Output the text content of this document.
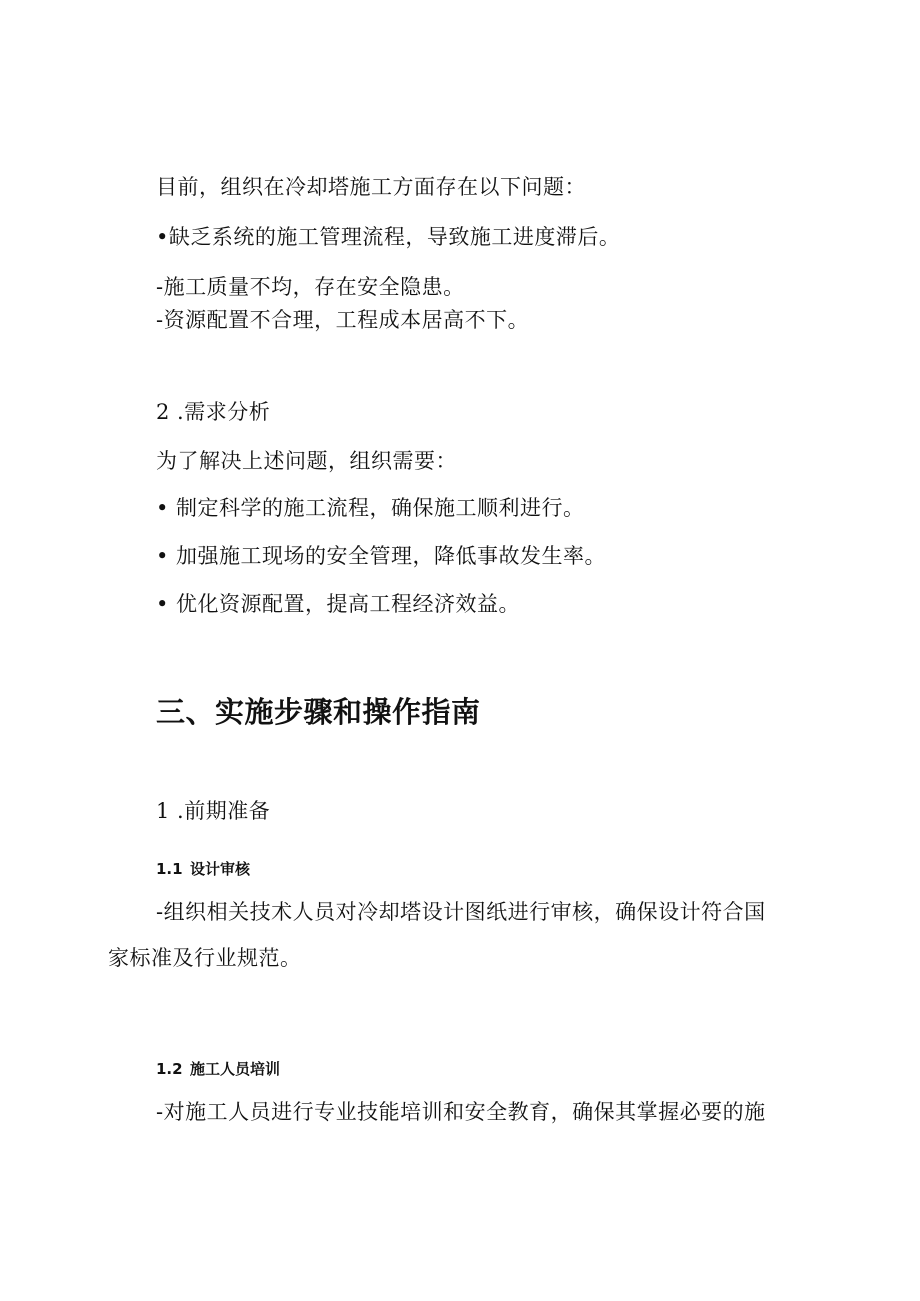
目前，组织在冷却塔施工方面存在以下问题：
•缺乏系统的施工管理流程，导致施工进度滞后。
-施工质量不均，存在安全隐患。
-资源配置不合理，工程成本居高不下。
2 .需求分析
为了解决上述问题，组织需要：
• 制定科学的施工流程，确保施工顺利进行。
• 加强施工现场的安全管理，降低事故发生率。
• 优化资源配置，提高工程经济效益。
三、实施步骤和操作指南
1 .前期准备
1.1 设计审核
-组织相关技术人员对冷却塔设计图纸进行审核，确保设计符合国
家标准及行业规范。
1.2 施工人员培训
-对施工人员进行专业技能培训和安全教育，确保其掌握必要的施
